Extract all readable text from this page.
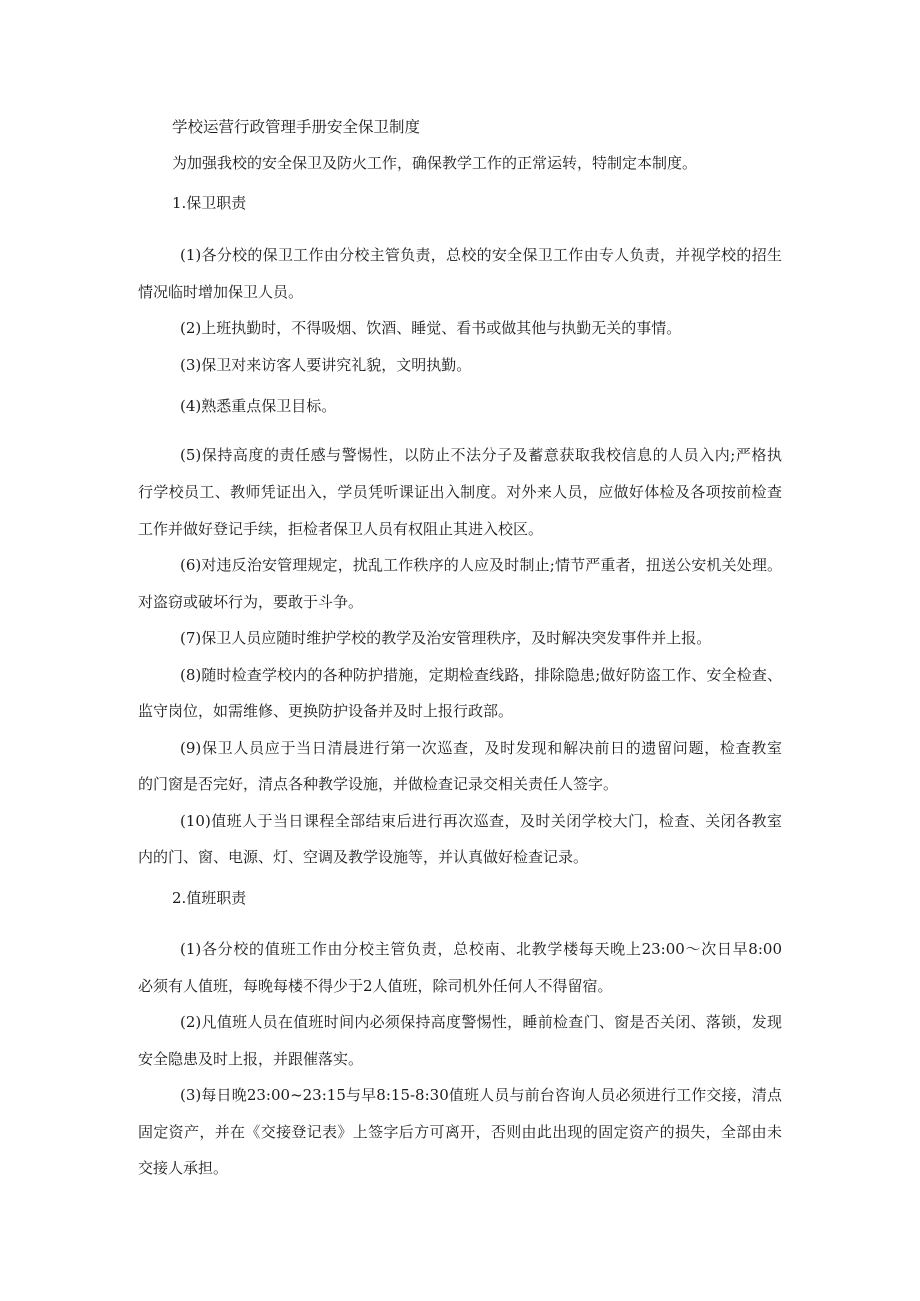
学校运营行政管理手册安全保卫制度
为加强我校的安全保卫及防火工作，确保教学工作的正常运转，特制定本制度。
1.保卫职责
(1)各分校的保卫工作由分校主管负责，总校的安全保卫工作由专人负责，并视学校的招生
情况临时增加保卫人员。
(2)上班执勤时，不得吸烟、饮酒、睡觉、看书或做其他与执勤无关的事情。
(3)保卫对来访客人要讲究礼貌，文明执勤。
(4)熟悉重点保卫目标。
(5)保持高度的责任感与警惕性，以防止不法分子及蓄意获取我校信息的人员入内;严格执
行学校员工、教师凭证出入，学员凭听课证出入制度。对外来人员，应做好体检及各项按前检查
工作并做好登记手续，拒检者保卫人员有权阻止其进入校区。
(6)对违反治安管理规定，扰乱工作秩序的人应及时制止;情节严重者，扭送公安机关处理。
对盗窃或破坏行为，要敢于斗争。
(7)保卫人员应随时维护学校的教学及治安管理秩序，及时解决突发事件并上报。
(8)随时检查学校内的各种防护措施，定期检查线路，排除隐患;做好防盗工作、安全检查、
监守岗位，如需维修、更换防护设备并及时上报行政部。
(9)保卫人员应于当日清晨进行第一次巡查，及时发现和解决前日的遗留问题，检查教室
的门窗是否完好，清点各种教学设施，并做检查记录交相关责任人签字。
(10)值班人于当日课程全部结束后进行再次巡查，及时关闭学校大门，检查、关闭各教室
内的门、窗、电源、灯、空调及教学设施等，并认真做好检查记录。
2.值班职责
(1)各分校的值班工作由分校主管负责，总校南、北教学楼每天晚上23:00～次日早8:00
必须有人值班，每晚每楼不得少于2人值班，除司机外任何人不得留宿。
(2)凡值班人员在值班时间内必须保持高度警惕性，睡前检查门、窗是否关闭、落锁，发现
安全隐患及时上报，并跟催落实。
(3)每日晚23:00~23:15与早8:15-8:30值班人员与前台咨询人员必须进行工作交接，清点
固定资产，并在《交接登记表》上签字后方可离开，否则由此出现的固定资产的损失，全部由未
交接人承担。
